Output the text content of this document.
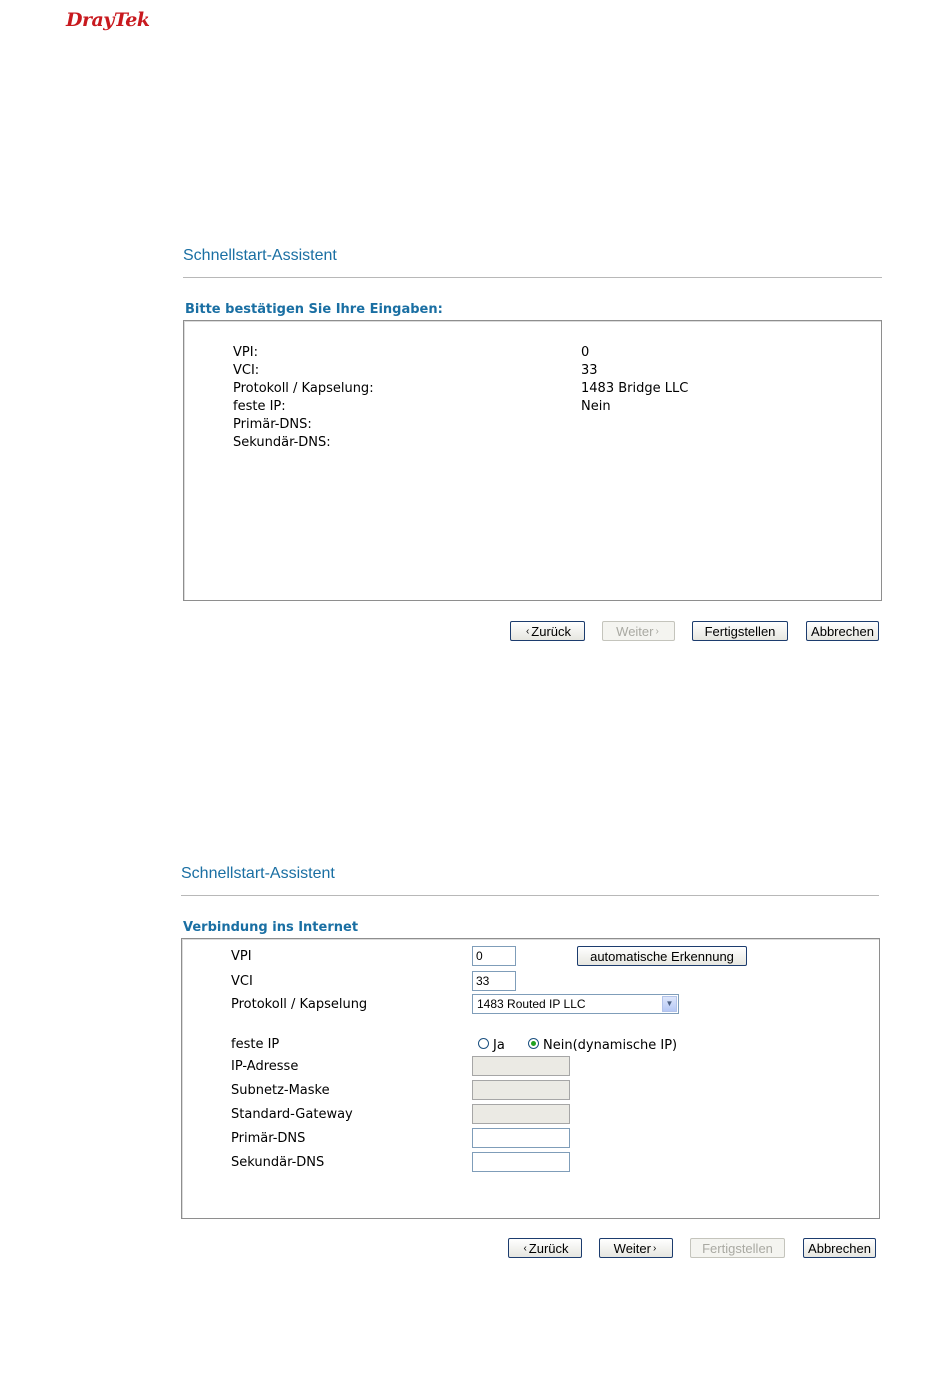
DrayTek
Schnellstart-Assistent
Bitte bestätigen Sie Ihre Eingaben:
VPI:	0
VCI:	33
Protokoll / Kapselung:	1483 Bridge LLC
feste IP:	Nein
Primär-DNS:
Sekundär-DNS:
‹ Zurück	Weiter ›	Fertigstellen	Abbrechen
Schnellstart-Assistent
Verbindung ins Internet
VPI	0	automatische Erkennung
VCI	33
Protokoll / Kapselung	1483 Routed IP LLC	▼
feste IP	Ja	Nein(dynamische IP)
IP-Adresse
Subnetz-Maske
Standard-Gateway
Primär-DNS
Sekundär-DNS
‹ Zurück	Weiter ›	Fertigstellen	Abbrechen
